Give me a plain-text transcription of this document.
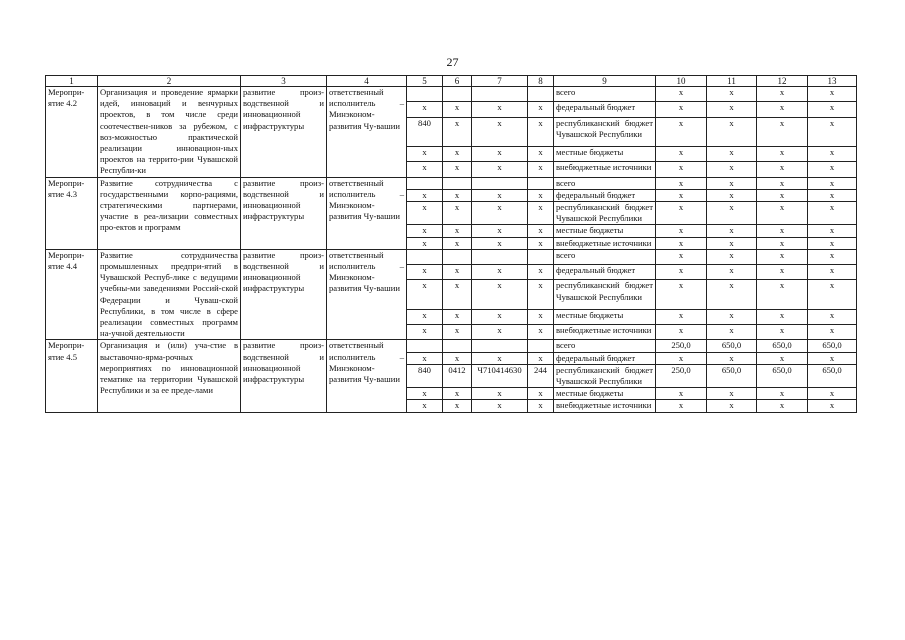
27
1	2	3	4	5	6	7	8	9	10	11	12	13
Меропри-ятие 4.2	Организация и проведение ярмарки идей, инноваций и венчурных проектов, в том числе среди соотечествен-ников за рубежом, с воз-можностью практической реализации инновацион-ных проектов на террито-рии Чувашской Республи-ки	развитие произ-водственной и инновационной инфраструктуры	ответственный исполнитель – Минэконом-развития Чу-вашии					всего	х	х	х	х
				х	х	х	х	федеральный бюджет	х	х	х	х
				840	х	х	х	республиканский бюджет Чувашской Республики	х	х	х	х
				х	х	х	х	местные бюджеты	х	х	х	х
				х	х	х	х	внебюджетные источники	х	х	х	х
Меропри-ятие 4.3	Развитие сотрудничества с государственными корпо-рациями, стратегическими партнерами, участие в реа-лизации совместных про-ектов и программ	развитие произ-водственной и инновационной инфраструктуры	ответственный исполнитель – Минэконом-развития Чу-вашии					всего	х	х	х	х
				х	х	х	х	федеральный бюджет	х	х	х	х
				х	х	х	х	республиканский бюджет Чувашской Республики	х	х	х	х
				х	х	х	х	местные бюджеты	х	х	х	х
				х	х	х	х	внебюджетные источники	х	х	х	х
Меропри-ятие 4.4	Развитие сотрудничества промышленных предпри-ятий в Чувашской Респуб-лике с ведущими учебны-ми заведениями Россий-ской Федерации и Чуваш-ской Республики, в том числе в сфере реализации совместных программ на-учной деятельности	развитие произ-водственной и инновационной инфраструктуры	ответственный исполнитель – Минэконом-развития Чу-вашии					всего	х	х	х	х
				х	х	х	х	федеральный бюджет	х	х	х	х
				х	х	х	х	республиканский бюджет Чувашской Республики	х	х	х	х
				х	х	х	х	местные бюджеты	х	х	х	х
				х	х	х	х	внебюджетные источники	х	х	х	х
Меропри-ятие 4.5	Организация и (или) уча-стие в выставочно-ярма-рочных мероприятиях по инновационной тематике на территории Чувашской Республики и за ее преде-лами	развитие произ-водственной и инновационной инфраструктуры	ответственный исполнитель – Минэконом-развития Чу-вашии					всего	250,0	650,0	650,0	650,0
				х	х	х	х	федеральный бюджет	х	х	х	х
				840	0412	Ч710414630	244	республиканский бюджет Чувашской Республики	250,0	650,0	650,0	650,0
				х	х	х	х	местные бюджеты	х	х	х	х
				х	х	х	х	внебюджетные источники	х	х	х	х
